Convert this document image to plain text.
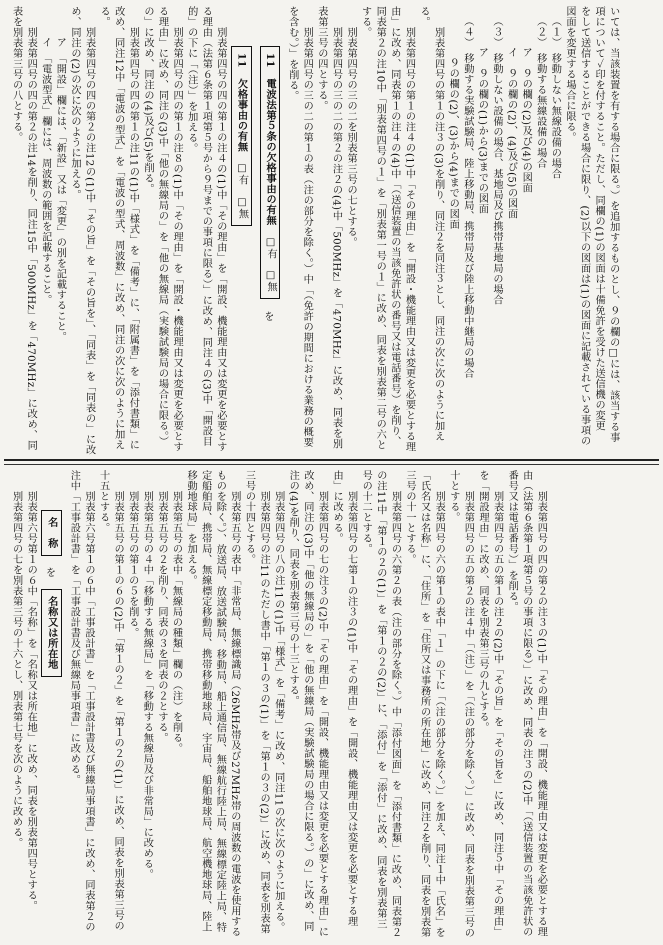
いては、当該装置を有する場合に限る。）を追加するものとし、９の欄の□には、該当する事

項について✓印を付すること。ただし、同欄の(1)の図面は十備免許を受けた送信機の変更

をして送信することができる場合に限り、(2)以下の図面は(1)の図面に記載されている事項の図面を変更する場合に限る。

（１）　移動しない無線設備の場合

（２）　移動する無線設備の場合

　　ア　９の欄の(2)及び(4)の図面

　　イ　９の欄の(2)、(4)及び(5)の図面

（３）　移動しない設備の場合、基地局及び携帯基地局の場合

　　ア　９の欄の(1)から(3)までの図面

（４）　移動する実験試験局、陸上移動局、携帯局及び陸上移動中継局の場合

　　　９の欄の(2)、(3)から(4)までの図面

　　別表第四号の第１の注３の(3)を削り、同注２を同注３とし、同注の次に次のように加える。

　　別表第四号の第１の注４の(1)中「その理由」を「開設・機能理由又は変更を必要とする理由」に改め、同表第１の注４の(4)中「（送信装置の当該免許状の番号又は電話番号）を削り、同表第２の注10中「別表第四号の１」を「別表第一号の１」に改め、同表を別表第二号の六とする。

　　別表第四号の三の二を別表第三号の七とする。

　　別表第四号の三の二の第２の注２の(4)中「500MHz」を「470MHz」に改め、同表を別表第三号の四とする。

　　別表第四号の三の二の第１の表（注の部分を除く。）中「（免許の期間における業務の概要を含む。）」を削る。

11　電波法第５条の欠格事由の有無 □有 □無 を 11　欠格事由の有無 □有 □無

　　別表第四号の四の第１の注４の(1)中「その理由」を「開設、機能理由又は変更を必要とする理由（法第６条第１項第５号から９号までの事項に限る）」に改め、同注４の(3)中「開設目的」の下に「（注）」を加える。

　　別表第四号の四の第１の注８の(1)中「その理由」を「開設・機能理由又は変更を必要とする理由」に改め、同注の(3)中「他の無線局の」を「他の無線局（実験試験局の場合に限る。）の」に改め、同注の(4)及び(5)を削る。

　　別表第四号の四の第１の注11の(1)中「様式」を「備考」に、「附属書」を「添付書類」に改め、同注12中「電波の型式」を「電波の型式、周波数」に改め、同注の次に次のように加える。

　　別表第四号の四の第２の注12の(1)中「その旨」を「その旨を」、「同表」を「同表の」に改め、同注の(2)の次に次のように加える。

　　ア　「開設」欄には、「新設」又は「変更」の別を記載すること。

　　イ　「電波型式」欄には、周波数の範囲を記載すること。

　　別表第四号の四の第２の注14を削り、同注15中「500MHz」を「470MHz」に改め、同表を別表第三号の八とする。

　　別表第四号の四の第２の注３の(1)中「その理由」を「開設、機能理由又は変更を必要とする理由（法第６条第１項第５号の事項に限る）」に改め、同表の注３の(2)中「（送信装置の当該免許状の番号又は電話番号）」を削る。

　　別表第四号の五の第１の注２の(2)中「その旨」を「その旨を」に改め、同注５中「その理由」を「開設理由」に改め、同表を別表第三号の九とする。

　　別表第四号の五の第２の注４中「（注）」を「（注の部分を除く。）」に改め、同表を別表第三号の十とする。

　　別表第四号の六の第１の表中「１」の下に「（注の部分を除く。）」を加え、同注１中「氏名」を「氏名又は名称」に、「住所」を「住所又は事務所の所在地」に改め、同注２を削り、同表を別表第三号の十一とする。

　　別表第四号の六第２の表（注の部分を除く。）中「添付図面」を「添付書類」に改め、同表第２の注11中「第１の２の(1)」を「第１の２の(2)」に、「添付」を「添付」に改め、同表を別表第三号の十二とする。

　　別表第四号の七第１の注３の(1)中「その理由」を「開設、機能理由又は変更を必要とする理由」に改める。

　　別表第四号の七の注３の(2)中「その理由」を「開設、機能理由又は変更を必要とする理由」に改め、同注の(3)中「他の無線局の」を「他の無線局（実験試験局の場合に限る。）の」に改め、同注の(4)を削り、同表を別表第三号の十三とする。

　　別表第四号の八の注11の(1)中「様式」を「備考」に改め、同注11の次に次のように加える。

　　別表第四号の注11のただし書中「第１の３の(1)」を「第１の３の(2)」に改め、同表を別表第三号の十四とする。

　　別表第五号の表中「非常局、無線標識局（26MHz帯及び27MHz帯の周波数の電波を使用するものを除く。）、放送局、放送試験局、移動局、船上通信局、無線航行陸上局、無線標定陸上局、特定船舶局、携帯局、無線標定移動局、携帯移動地球局、宇宙局、船舶地球局、航空機地球局、陸上移動地球局」を加える。

　　別表第五号の表中「無線局の種類」欄の（注）を削る。

　　別表第五号の２を削り、同表の３を同表の２とする。

　　別表第五号の４中「移動する無線局」を「移動する無線局及び非常局」に改める。

　　別表第五号の第１の５を削る。

　　別表第五号の第１の６の(2)中「第１の２」を「第１の２の(1)」に改め、同表を別表第三号の十五とする。

　　別表第六号第１の６中「工事設計書」を「工事設計書及び無線局事項書」に改め、同表第２の注中「工事設計書」を「工事設計書及び無線局事項書」に改める。

名　称 を 名称又は所在地

　　別表第六号第１の６中「名称」を「名称又は所在地」に改め、同表を別表第四号とする。

　　別表第四号の七を別表第三号の十六とし、別表第七号を次のように改める。
